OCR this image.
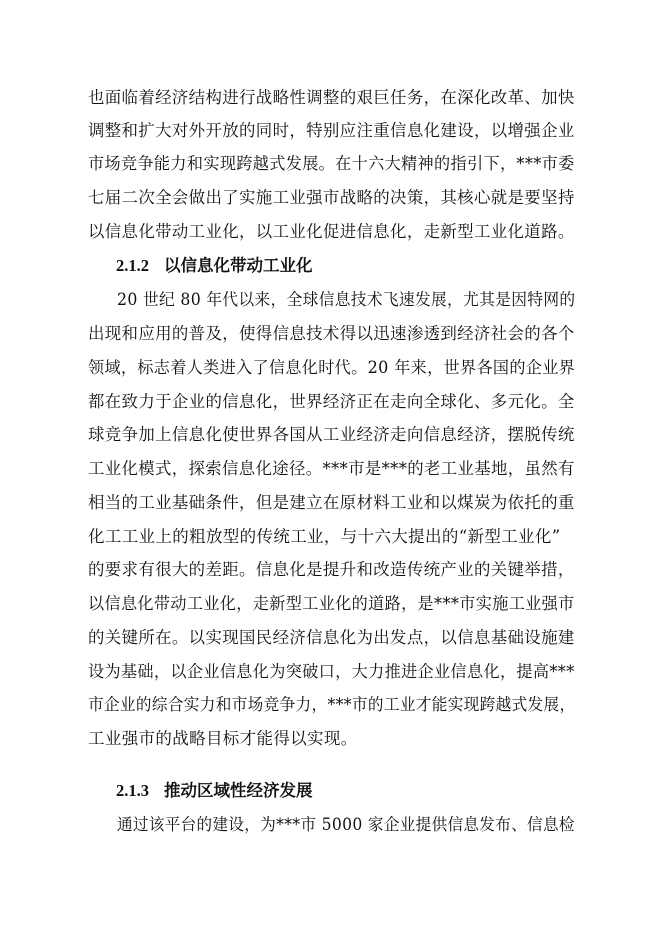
也面临着经济结构进行战略性调整的艰巨任务，在深化改革、加快
调整和扩大对外开放的同时，特别应注重信息化建设，以增强企业
市场竞争能力和实现跨越式发展。在十六大精神的指引下，***市委
七届二次全会做出了实施工业强市战略的决策，其核心就是要坚持
以信息化带动工业化，以工业化促进信息化，走新型工业化道路。
2.1.2 以信息化带动工业化
20 世纪 80 年代以来，全球信息技术飞速发展，尤其是因特网的
出现和应用的普及，使得信息技术得以迅速渗透到经济社会的各个
领域，标志着人类进入了信息化时代。20 年来，世界各国的企业界
都在致力于企业的信息化，世界经济正在走向全球化、多元化。全
球竞争加上信息化使世界各国从工业经济走向信息经济，摆脱传统
工业化模式，探索信息化途径。***市是***的老工业基地，虽然有
相当的工业基础条件，但是建立在原材料工业和以煤炭为依托的重
化工工业上的粗放型的传统工业，与十六大提出的“新型工业化”
的要求有很大的差距。信息化是提升和改造传统产业的关键举措，
以信息化带动工业化，走新型工业化的道路，是***市实施工业强市
的关键所在。以实现国民经济信息化为出发点，以信息基础设施建
设为基础，以企业信息化为突破口，大力推进企业信息化，提高***
市企业的综合实力和市场竞争力，***市的工业才能实现跨越式发展，
工业强市的战略目标才能得以实现。
2.1.3 推动区域性经济发展
通过该平台的建设，为***市 5000 家企业提供信息发布、信息检
